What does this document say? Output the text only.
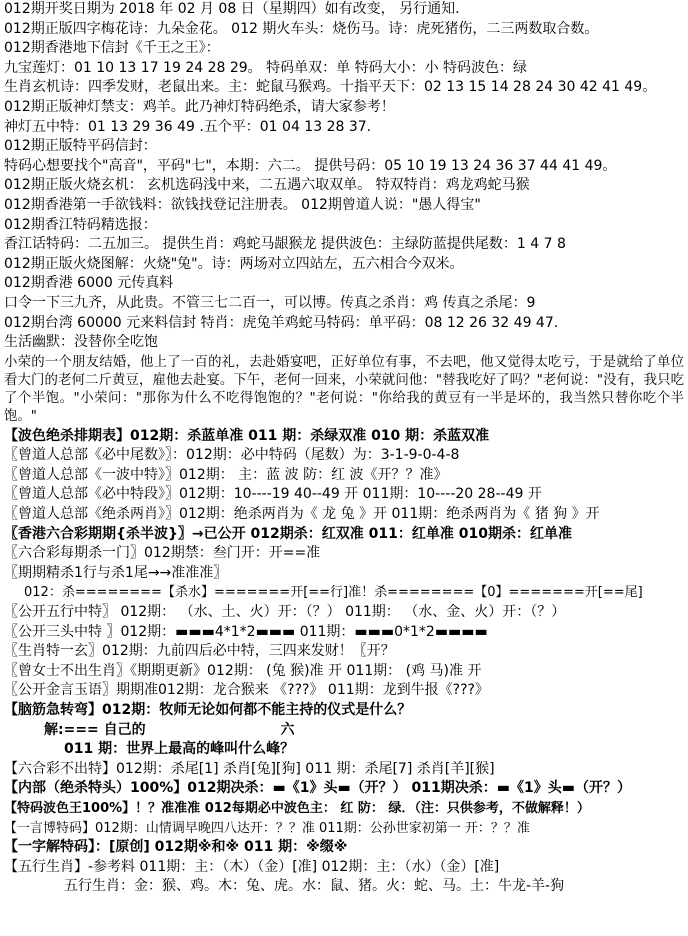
012期开奖日期为 2018 年 02 月 08 日（星期四）如有改变， 另行通知.
012期正版四字梅花诗：九朵金花。 012 期火车头：烧伤马。诗：虎死猪伤，二三两数取合数。
012期香港地下信封《千王之王》：
九宝莲灯：01 10 13 17 19 24 28 29。 特码单双：单 特码大小：小 特码波色：绿
生肖玄机诗：四季发财，老鼠出来。主：蛇鼠马猴鸡。十指平天下：02 13 15 14 28 24 30 42 41 49。
012期正版神灯禁支：鸡羊。此乃神灯特码绝杀，请大家参考！
神灯五中特：01 13 29 36 49 .五个平：01 04 13 28 37.
012期正版特平码信封：
特码心想要找个"高音"，平码"七"，本期：六二。 提供号码：05 10 19 13 24 36 37 44 41 49。
012期正版火烧玄机： 玄机选码浅中来，二五遇六取双单。 特双特肖：鸡龙鸡蛇马猴
012期香港第一手欲钱料：欲钱找登记注册表。 012期曾道人说："愚人得宝"
012期香江特码精选报：
香江话特码：二五加三。 提供生肖：鸡蛇马龈猴龙 提供波色：主绿防蓝提供尾数：1 4 7 8
012期正版火烧图解：火烧"兔"。诗：两场对立四站左，五六相合今双米。
012期香港 6000 元传真料
口令一下三九齐，从此贵。不管三七二百一，可以博。传真之杀肖：鸡 传真之杀尾：9
012期台湾 60000 元来料信封 特肖：虎兔羊鸡蛇马特码：单平码：08 12 26 32 49 47.
生活幽默：没替你全吃饱
小荣的一个朋友结婚，他上了一百的礼，去赴婚宴吧，正好单位有事，不去吧，他又觉得太吃亏，于是就给了单位看大门的老何二斤黄豆，雇他去赴宴。下午，老何一回来，小荣就问他："替我吃好了吗？"老何说："没有，我只吃了个半饱。"小荣问："那你为什么不吃得饱饱的？"老何说："你给我的黄豆有一半是坏的，我当然只替你吃个半饱。"
【波色绝杀排期表】012期：杀蓝单准 011 期：杀绿双准 010 期：杀蓝双准
〖曾道人总部《必中尾数》〗：012期：必中特码（尾数）为：3-1-9-0-4-8
〖曾道人总部《一波中特》〗012期： 主：蓝 波 防：红 波《开？？准》
〖曾道人总部《必中特段》〗012期：10----19 40--49 开 011期：10----20 28--49 开
〖曾道人总部《绝杀两肖》〗012期：绝杀两肖为《 龙 兔 》开 011期：绝杀两肖为《 猪 狗 》开
〖香港六合彩期期{杀半波}〗→已公开 012期杀：红双准 011：红单准 010期杀：红单准
〖六合彩每期杀一门〗012期禁：叁门开：开==准
〖期期精杀1行与杀1尾→→准准准〗
012：杀========【杀水】=======开[==行]准！杀========【0】=======开[==尾]
〖公开五行中特〗 012期： （水、土、火）开：（？） 011期： （水、金、火）开：（？）
〖公开三头中特 〗012期：▬▬▬4*1*2▬▬▬ 011期：▬▬▬0*1*2▬▬▬▬
〖生肖特一玄〗012期：九前四后必中特，三四来发财！〖开？
〖曾女士不出生肖〗《期期更新》012期： (兔 猴)准 开 011期： (鸡 马)准 开
〖公开金言玉语〗期期准012期：龙合猴来 《???》 011期：龙到牛报《???》
【脑筋急转弯】012期：牧师无论如何都不能主持的仪式是什么？
解:=== 自己的	六
011 期：世界上最高的峰叫什么峰？
【六合彩不出特】012期：杀尾[1] 杀肖[兔][狗] 011 期：杀尾[7] 杀肖[羊][猴]
【内部（绝杀特头）100%】012期决杀：▬《1》头▬（开？） 011期决杀：▬《1》头▬（开？）
【特码波色王100%】！？准准准 012每期必中波色主： 红 防： 绿．（注：只供参考，不做解释！）
【一言博特码】012期：山情调早晚四八达开：？？准 011期：公孙世家初第一 开：？？准
【一字解特码】：[原创] 012期※和※ 011 期：※缀※
【五行生肖】-参考料 011期：主：（木）（金）[准] 012期：主：（水）（金）[准]
五行生肖：金：猴、鸡。木：兔、虎。水：鼠、猪。火：蛇、马。土：牛龙-羊-狗
